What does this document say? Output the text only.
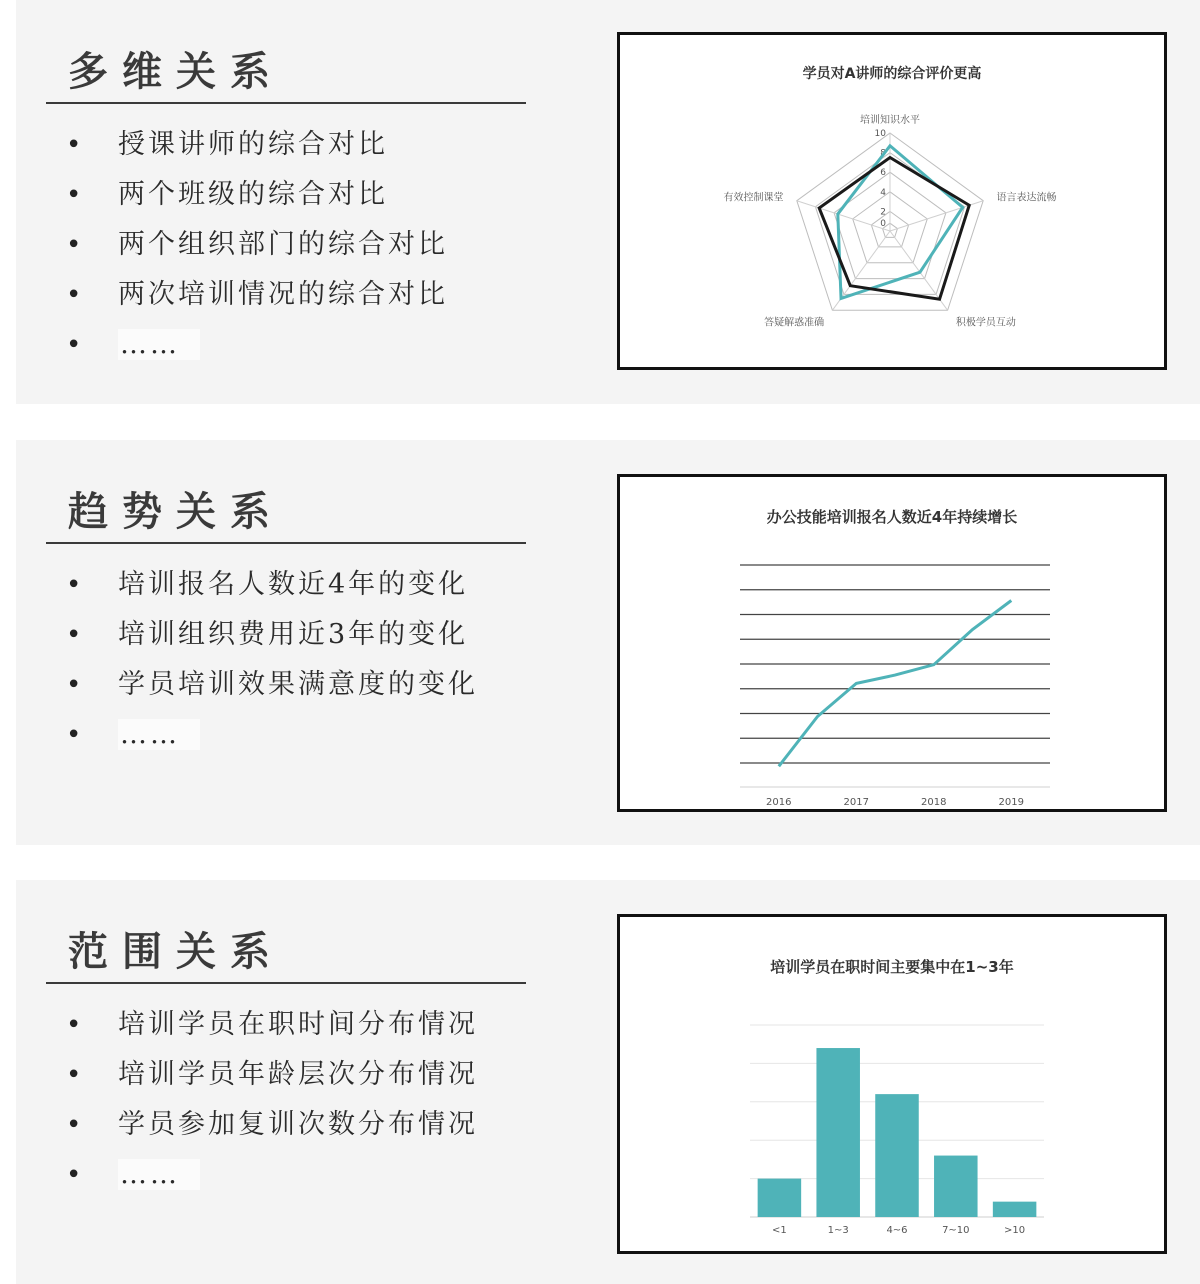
多维关系
• 授课讲师的综合对比
• 两个班级的综合对比
• 两个组织部门的综合对比
• 两次培训情况的综合对比
• ……
学员对A讲师的综合评价更高
0
2
4
6
8
10
培训知识水平
语言表达流畅
积极学员互动
答疑解惑准确
有效控制课堂
趋势关系
• 培训报名人数近4年的变化
• 培训组织费用近3年的变化
• 学员培训效果满意度的变化
• ……
办公技能培训报名人数近4年持续增长
2016	2017	2018	2019
范围关系
• 培训学员在职时间分布情况
• 培训学员年龄层次分布情况
• 学员参加复训次数分布情况
• ……
培训学员在职时间主要集中在1~3年
<1	1~3	4~6	7~10	>10
